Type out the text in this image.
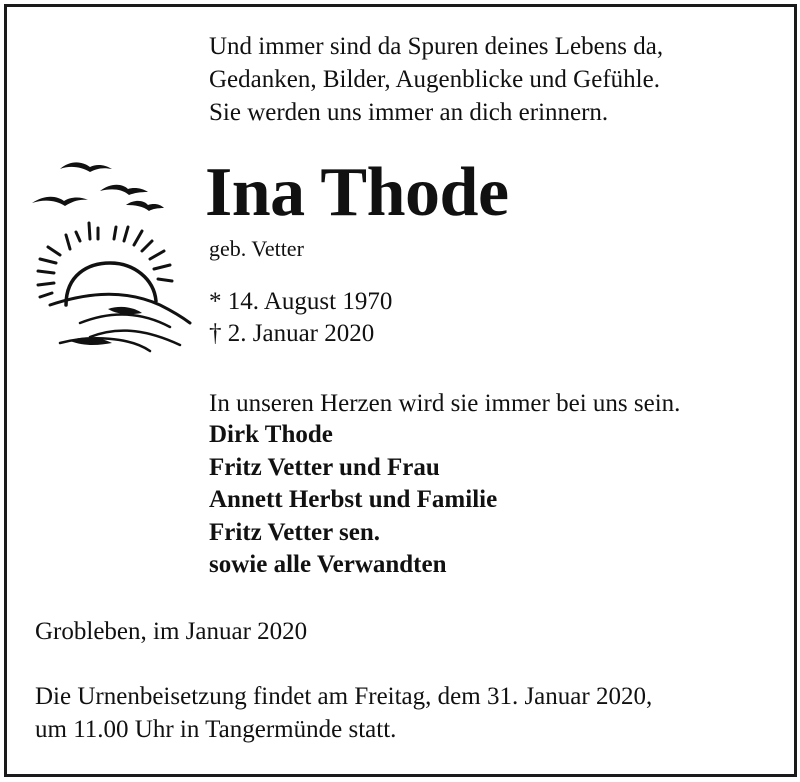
Und immer sind da Spuren deines Lebens da,
Gedanken, Bilder, Augenblicke und Gefühle.
Sie werden uns immer an dich erinnern.
Ina Thode
geb. Vetter
* 14. August 1970
† 2. Januar 2020
In unseren Herzen wird sie immer bei uns sein.
Dirk Thode
Fritz Vetter und Frau
Annett Herbst und Familie
Fritz Vetter sen.
sowie alle Verwandten
Grobleben, im Januar 2020
Die Urnenbeisetzung findet am Freitag, dem 31. Januar 2020,
um 11.00 Uhr in Tangermünde statt.
